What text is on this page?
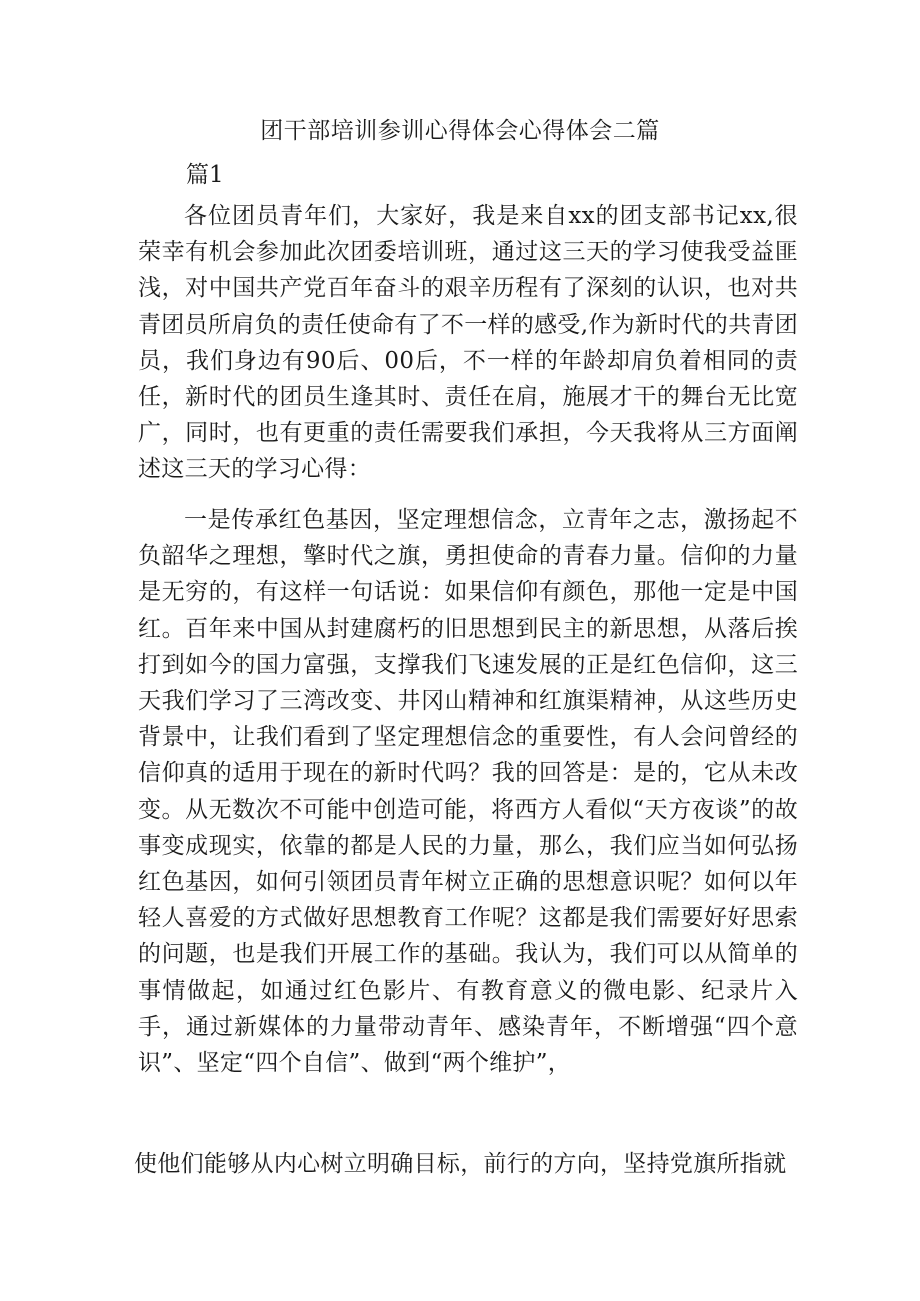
团干部培训参训心得体会心得体会二篇
篇1

各位团员青年们，大家好，我是来自xx的团支部书记xx,很荣幸有机会参加此次团委培训班，通过这三天的学习使我受益匪浅，对中国共产党百年奋斗的艰辛历程有了深刻的认识，也对共青团员所肩负的责任使命有了不一样的感受,作为新时代的共青团员，我们身边有90后、00后，不一样的年龄却肩负着相同的责任，新时代的团员生逢其时、责任在肩，施展才干的舞台无比宽广，同时，也有更重的责任需要我们承担，今天我将从三方面阐述这三天的学习心得：

一是传承红色基因，坚定理想信念，立青年之志，激扬起不负韶华之理想，擎时代之旗，勇担使命的青春力量。信仰的力量是无穷的，有这样一句话说：如果信仰有颜色，那他一定是中国红。百年来中国从封建腐朽的旧思想到民主的新思想，从落后挨打到如今的国力富强，支撑我们飞速发展的正是红色信仰，这三天我们学习了三湾改变、井冈山精神和红旗渠精神，从这些历史背景中，让我们看到了坚定理想信念的重要性，有人会问曾经的信仰真的适用于现在的新时代吗？我的回答是：是的，它从未改变。从无数次不可能中创造可能，将西方人看似“天方夜谈”的故事变成现实，依靠的都是人民的力量，那么，我们应当如何弘扬红色基因，如何引领团员青年树立正确的思想意识呢？如何以年轻人喜爱的方式做好思想教育工作呢？这都是我们需要好好思索的问题，也是我们开展工作的基础。我认为，我们可以从简单的事情做起，如通过红色影片、有教育意义的微电影、纪录片入手，通过新媒体的力量带动青年、感染青年，不断增强“四个意识”、坚定“四个自信”、做到“两个维护”，

使他们能够从内心树立明确目标，前行的方向，坚持党旗所指就
